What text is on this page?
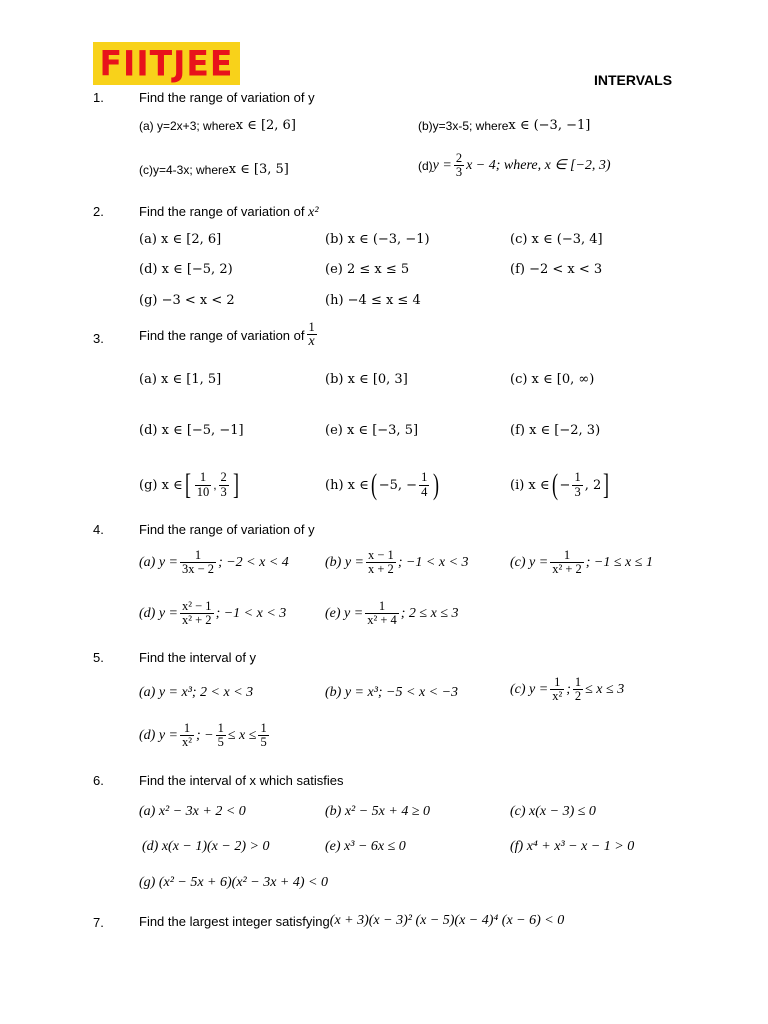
FIITJEE	INTERVALS
1.	Find the range of variation of y
(a) y=2x+3; where x ∈ [2, 6]	(b)y=3x-5; where x ∈ (−3, −1]
(c)y=4-3x; where x ∈ [3, 5]	(d) $y = \frac{2}{3}$ x − 4; where, x ∈ [−2, 3)
2.	Find the range of variation of x²
(a) x ∈ [2, 6]	(b) x ∈ (−3, −1)	(c) x ∈ (−3, 4]
(d) x ∈ [−5, 2)	(e) 2 ≤ x ≤ 5	(f) −2 < x < 3
(g) −3 < x < 2	(h) −4 ≤ x ≤ 4
3.	Find the range of variation of $\frac{1}{x}$
(a) x ∈ [1, 5]	(b) x ∈ [0, 3]	(c) x ∈ [0, ∞)
(d) x ∈ [−5, −1]	(e) x ∈ [−3, 5]	(f) x ∈ [−2, 3)
(g) x ∈ [ $\frac{1}{10}$ , $\frac{2}{3}$ ]	(h) x ∈ ( −5, − $\frac{1}{4}$ )	(i) x ∈ ( − $\frac{1}{3}$ , 2 ]
4.	Find the range of variation of y
(a) $y = \frac{1}{3x - 2}$ ; −2 < x < 4	(b) $y = \frac{x - 1}{x + 2}$ ; −1 < x < 3	(c) $y = \frac{1}{\text{x² + 2}}$ ; −1 ≤ x ≤ 1
(d) $y = \frac{\text{x² − 1}}{\text{x² + 2}}$ ; −1 < x < 3	(e) $y = \frac{1}{\text{x² + 4}}$ ; 2 ≤ x ≤ 3
5.	Find the interval of y
(a) y = x³; 2 < x < 3	(b) y = x³; −5 < x < −3	(c) $y = \frac{1}{\text{x²}}$ ; $\frac{1}{2} \le x \le 3$
(d) $y = \frac{1}{\text{x²}}$ ; − $\frac{1}{5} \le x \le \frac{1}{5}$
6.	Find the interval of x which satisfies
(a) x² − 3x + 2 < 0	(b) x² − 5x + 4 ≥ 0	(c) x(x − 3) ≤ 0
(d) x(x − 1)(x − 2) > 0	(e) x³ − 6x ≤ 0	(f) x⁴ + x³ − x − 1 > 0
(g) (x² − 5x + 6)(x² − 3x + 4) < 0
7.	Find the largest integer satisfying (x + 3)(x − 3)² (x − 5)(x − 4)⁴ (x − 6) < 0
